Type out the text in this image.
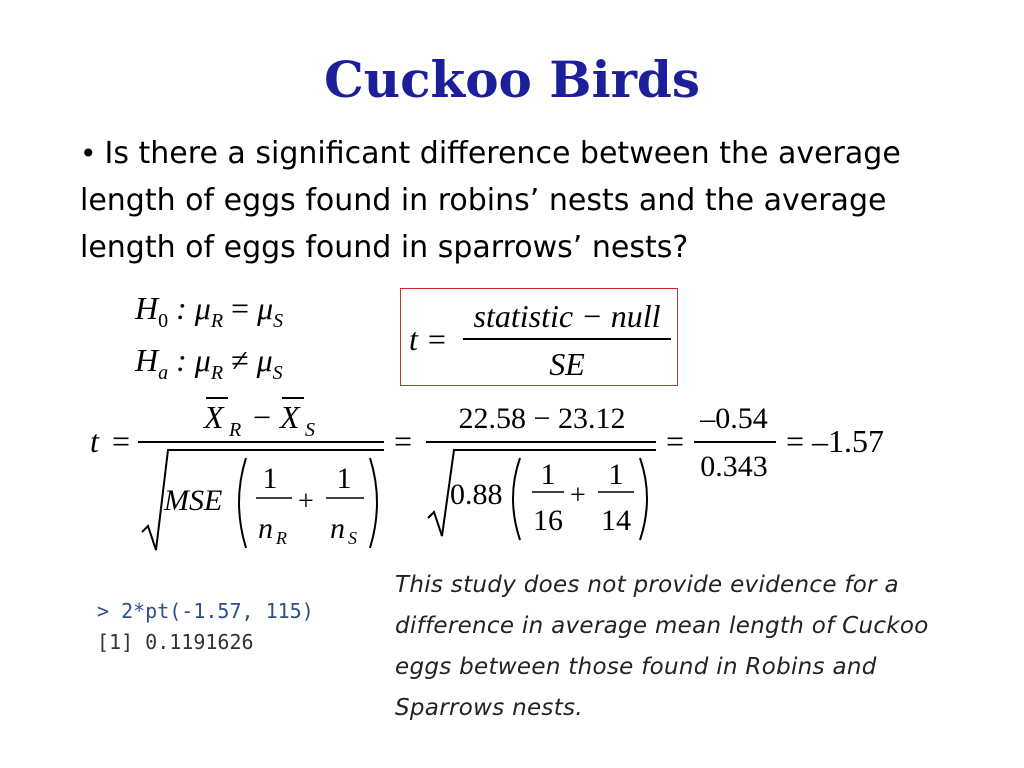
Cuckoo Birds
• Is there a significant difference between the average length of eggs found in robins’ nests and the average length of eggs found in sparrows’ nests?
$H_0$ : $\mu_R = \mu_S$
$H_a$ : $\mu_R \ne \mu_S$
t =
statistic − null
SE
t =
X R − X S
MSE
1
n R
+
1
n S
=
22.58 − 23.12
0.88
1
16
+
1
14
=
–0.54
0.343
= –1.57
> 2*pt(-1.57, 115)
[1] 0.1191626
This study does not provide evidence for a difference in average mean length of Cuckoo eggs between those found in Robins and Sparrows nests.
